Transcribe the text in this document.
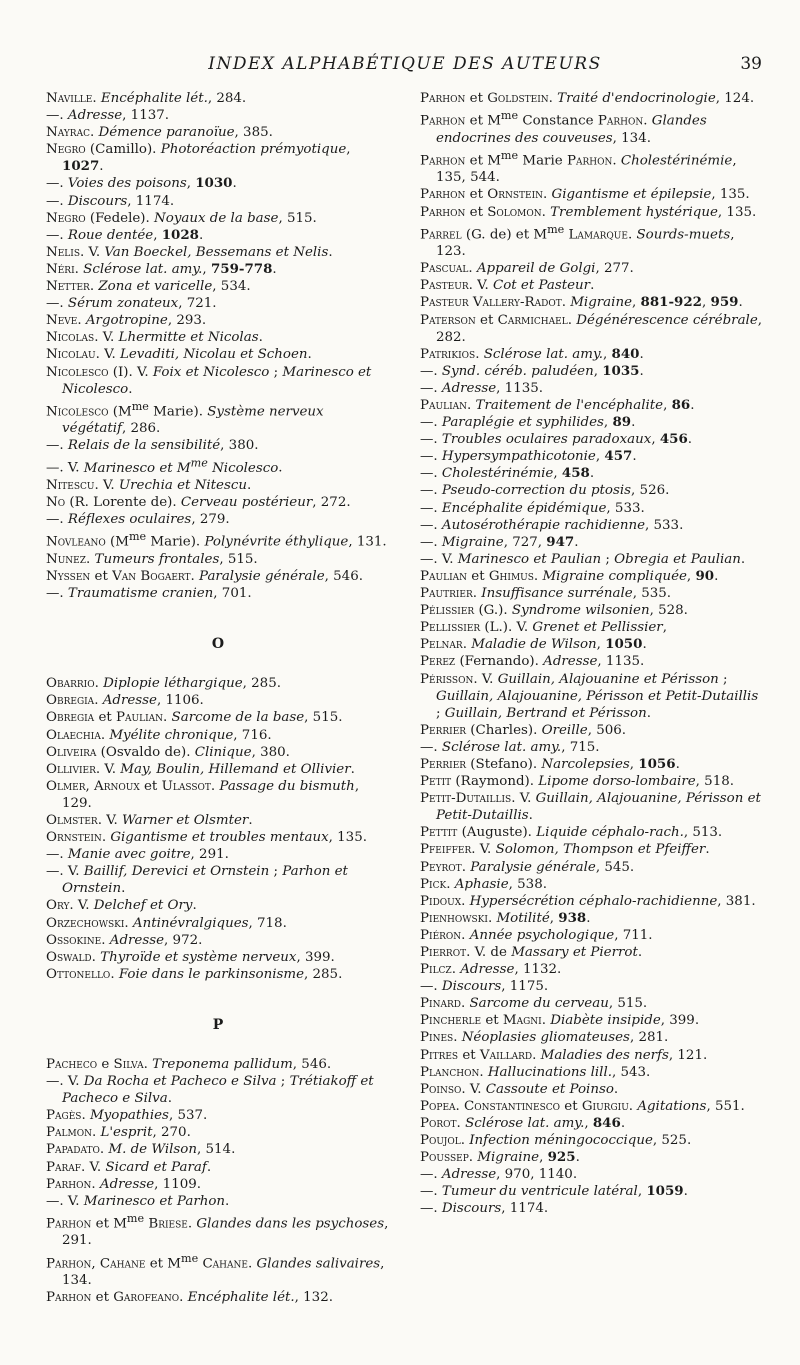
INDEX ALPHABÉTIQUE DES AUTEURS	39

Naville. Encéphalite lét., 284.

—. Adresse, 1137.

Nayrac. Démence paranoïue, 385.

Negro (Camillo). Photoréaction prémyotique, 1027.

—. Voies des poisons, 1030.

—. Discours, 1174.

Negro (Fedele). Noyaux de la base, 515.

—. Roue dentée, 1028.

Nelis. V. Van Boeckel, Bessemans et Nelis.

Néri. Sclérose lat. amy., 759-778.

Netter. Zona et varicelle, 534.

—. Sérum zonateux, 721.

Neve. Argotropine, 293.

Nicolas. V. Lhermitte et Nicolas.

Nicolau. V. Levaditi, Nicolau et Schoen.

Nicolesco (I). V. Foix et Nicolesco ; Marinesco et Nicolesco.

Nicolesco ($M^{me}$ Marie). Système nerveux végétatif, 286.

—. Relais de la sensibilité, 380.

—. V. Marinesco et $M^{me}$ Nicolesco.

Nitescu. V. Urechia et Nitescu.

No (R. Lorente de). Cerveau postérieur, 272.

—. Réflexes oculaires, 279.

Novleano ($M^{me}$ Marie). Polynévrite éthylique, 131.

Nunez. Tumeurs frontales, 515.

Nyssen et Van Bogaert. Paralysie générale, 546.

—. Traumatisme cranien, 701.

O

Obarrio. Diplopie léthargique, 285.

Obregia. Adresse, 1106.

Obregia et Paulian. Sarcome de la base, 515.

Olaechia. Myélite chronique, 716.

Oliveira (Osvaldo de). Clinique, 380.

Ollivier. V. May, Boulin, Hillemand et Ollivier.

Olmer, Arnoux et Ulassot. Passage du bismuth, 129.

Olmster. V. Warner et Olsmter.

Ornstein. Gigantisme et troubles mentaux, 135.

—. Manie avec goitre, 291.

—. V. Baillif, Derevici et Ornstein ; Parhon et Ornstein.

Ory. V. Delchef et Ory.

Orzechowski. Antinévralgiques, 718.

Ossokine. Adresse, 972.

Oswald. Thyroïde et système nerveux, 399.

Ottonello. Foie dans le parkinsonisme, 285.

P

Pacheco e Silva. Treponema pallidum, 546.

—. V. Da Rocha et Pacheco e Silva ; Trétiakoff et Pacheco e Silva.

Pagès. Myopathies, 537.

Palmon. L'esprit, 270.

Papadato. M. de Wilson, 514.

Paraf. V. Sicard et Paraf.

Parhon. Adresse, 1109.

—. V. Marinesco et Parhon.

Parhon et $M^{me}$ Briese. Glandes dans les psychoses, 291.

Parhon, Cahane et $M^{me}$ Cahane. Glandes salivaires, 134.

Parhon et Garofeano. Encéphalite lét., 132.

Parhon et Goldstein. Traité d'endocrinologie, 124.

Parhon et $M^{me}$ Constance Parhon. Glandes endocrines des couveuses, 134.

Parhon et $M^{me}$ Marie Parhon. Cholestérinémie, 135, 544.

Parhon et Ornstein. Gigantisme et épilepsie, 135.

Parhon et Solomon. Tremblement hystérique, 135.

Parrel (G. de) et $M^{me}$ Lamarque. Sourds-muets, 123.

Pascual. Appareil de Golgi, 277.

Pasteur. V. Cot et Pasteur.

Pasteur Vallery-Radot. Migraine, 881-922, 959.

Paterson et Carmichael. Dégénérescence cérébrale, 282.

Patrikios. Sclérose lat. amy., 840.

—. Synd. céréb. paludéen, 1035.

—. Adresse, 1135.

Paulian. Traitement de l'encéphalite, 86.

—. Paraplégie et syphilides, 89.

—. Troubles oculaires paradoxaux, 456.

—. Hypersympathicotonie, 457.

—. Cholestérinémie, 458.

—. Pseudo-correction du ptosis, 526.

—. Encéphalite épidémique, 533.

—. Autosérothérapie rachidienne, 533.

—. Migraine, 727, 947.

—. V. Marinesco et Paulian ; Obregia et Paulian.

Paulian et Ghimus. Migraine compliquée, 90.

Pautrier. Insuffisance surrénale, 535.

Pélissier (G.). Syndrome wilsonien, 528.

Pellissier (L.). V. Grenet et Pellissier,

Pelnar. Maladie de Wilson, 1050.

Perez (Fernando). Adresse, 1135.

Périsson. V. Guillain, Alajouanine et Périsson ; Guillain, Alajouanine, Périsson et Petit-Dutaillis ; Guillain, Bertrand et Périsson.

Perrier (Charles). Oreille, 506.

—. Sclérose lat. amy., 715.

Perrier (Stefano). Narcolepsies, 1056.

Petit (Raymond). Lipome dorso-lombaire, 518.

Petit-Dutaillis. V. Guillain, Alajouanine, Périsson et Petit-Dutaillis.

Pettit (Auguste). Liquide céphalo-rach., 513.

Pfeiffer. V. Solomon, Thompson et Pfeiffer.

Peyrot. Paralysie générale, 545.

Pick. Aphasie, 538.

Pidoux. Hypersécrétion céphalo-rachidienne, 381.

Pienhowski. Motilité, 938.

Piéron. Année psychologique, 711.

Pierrot. V. de Massary et Pierrot.

Pilcz. Adresse, 1132.

—. Discours, 1175.

Pinard. Sarcome du cerveau, 515.

Pincherle et Magni. Diabète insipide, 399.

Pines. Néoplasies gliomateuses, 281.

Pitres et Vaillard. Maladies des nerfs, 121.

Planchon. Hallucinations lill., 543.

Poinso. V. Cassoute et Poinso.

Popea. Constantinesco et Giurgiu. Agitations, 551.

Porot. Sclérose lat. amy., 846.

Poujol. Infection méningococcique, 525.

Poussep. Migraine, 925.

—. Adresse, 970, 1140.

—. Tumeur du ventricule latéral, 1059.

—. Discours, 1174.
